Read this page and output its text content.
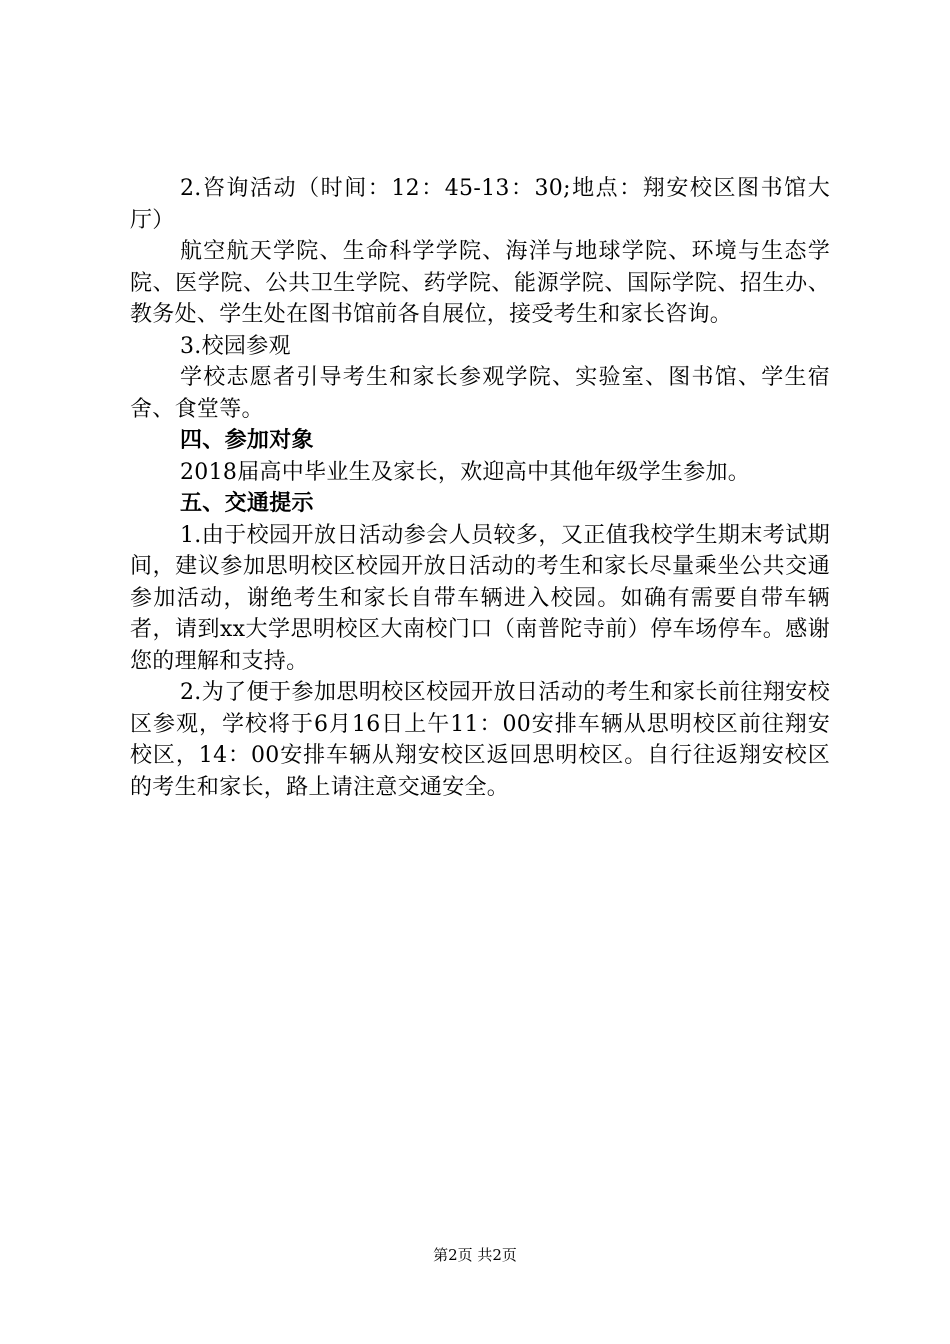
2.咨询活动（时间：12：45-13：30;地点：翔安校区图书馆大厅）

航空航天学院、生命科学学院、海洋与地球学院、环境与生态学院、医学院、公共卫生学院、药学院、能源学院、国际学院、招生办、教务处、学生处在图书馆前各自展位，接受考生和家长咨询。

3.校园参观

学校志愿者引导考生和家长参观学院、实验室、图书馆、学生宿舍、食堂等。

四、参加对象

2018届高中毕业生及家长，欢迎高中其他年级学生参加。

五、交通提示

1.由于校园开放日活动参会人员较多，又正值我校学生期末考试期间，建议参加思明校区校园开放日活动的考生和家长尽量乘坐公共交通参加活动，谢绝考生和家长自带车辆进入校园。如确有需要自带车辆者，请到xx大学思明校区大南校门口（南普陀寺前）停车场停车。感谢您的理解和支持。

2.为了便于参加思明校区校园开放日活动的考生和家长前往翔安校区参观，学校将于6月16日上午11：00安排车辆从思明校区前往翔安校区，14：00安排车辆从翔安校区返回思明校区。自行往返翔安校区的考生和家长，路上请注意交通安全。

第2页 共2页
